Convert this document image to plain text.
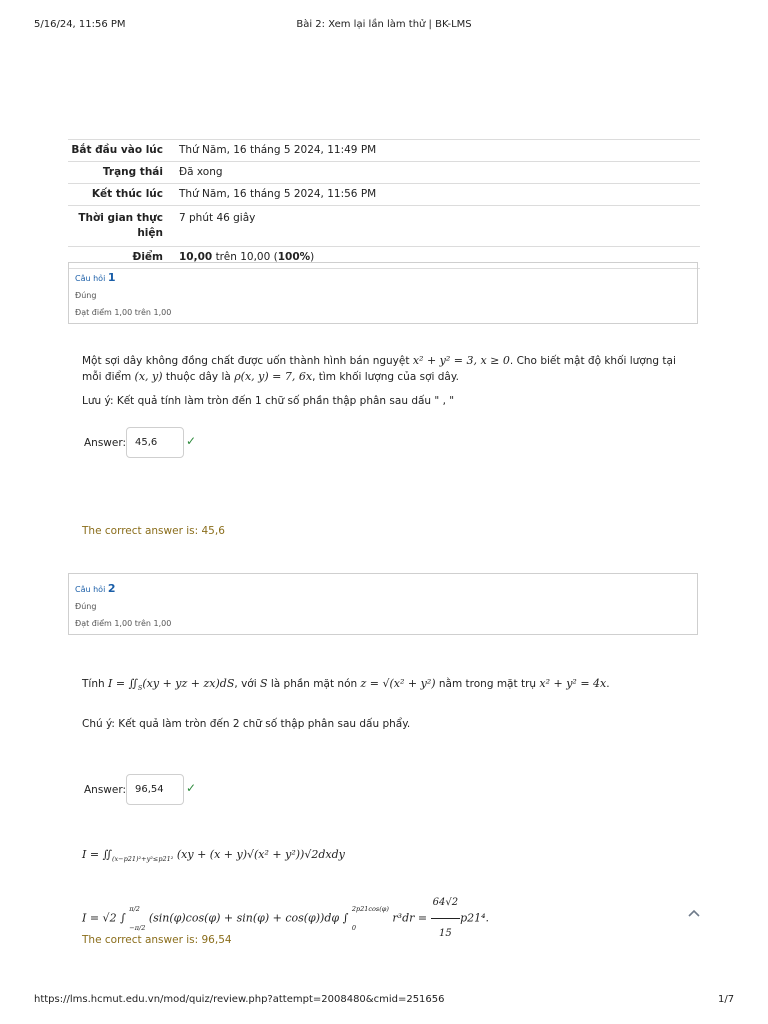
5/16/24, 11:56 PM	Bài 2: Xem lại lần làm thử | BK-LMS
Bắt đầu vào lúc	Thứ Năm, 16 tháng 5 2024, 11:49 PM
Trạng thái	Đã xong
Kết thúc lúc	Thứ Năm, 16 tháng 5 2024, 11:56 PM
Thời gian thực
hiện
7 phút 46 giây
Điểm	10,00 trên 10,00 (100%)
Câu hỏi 1
Đúng
Đạt điểm 1,00 trên 1,00
Một sợi dây không đồng chất được uốn thành hình bán nguyệt x² + y² = 3, x ≥ 0. Cho biết mật độ khối lượng tại
mỗi điểm (x, y) thuộc dây là ρ(x, y) = 7, 6x, tìm khối lượng của sợi dây.
Lưu ý: Kết quả tính làm tròn đến 1 chữ số phần thập phân sau dấu " , "
Answer: 45,6	✓
The correct answer is: 45,6
Câu hỏi 2
Đúng
Đạt điểm 1,00 trên 1,00
Tính $I = ∬_S(xy$ + yz + zx)dS, với S là phần mặt nón z = √(x² + y²) nằm trong mặt trụ x² + y² = 4x.
Chú ý: Kết quả làm tròn đến 2 chữ số thập phân sau dấu phẩy.
Answer: 96,54	✓
$I = ∬_{(x-p21)^2+y^2\le p21^2}$ (xy + (x + y)√(x² + y²))√2dxdy
I = √2 ∫
π/2
−π/2
(sin(φ)cos(φ) + sin(φ) + cos(φ))dφ ∫
2p21cos(φ)
0
$r^3dr = \frac{64√2}{15} p21^4$.
The correct answer is: 96,54
https://lms.hcmut.edu.vn/mod/quiz/review.php?attempt=2008480&cmid=251656	1/7
